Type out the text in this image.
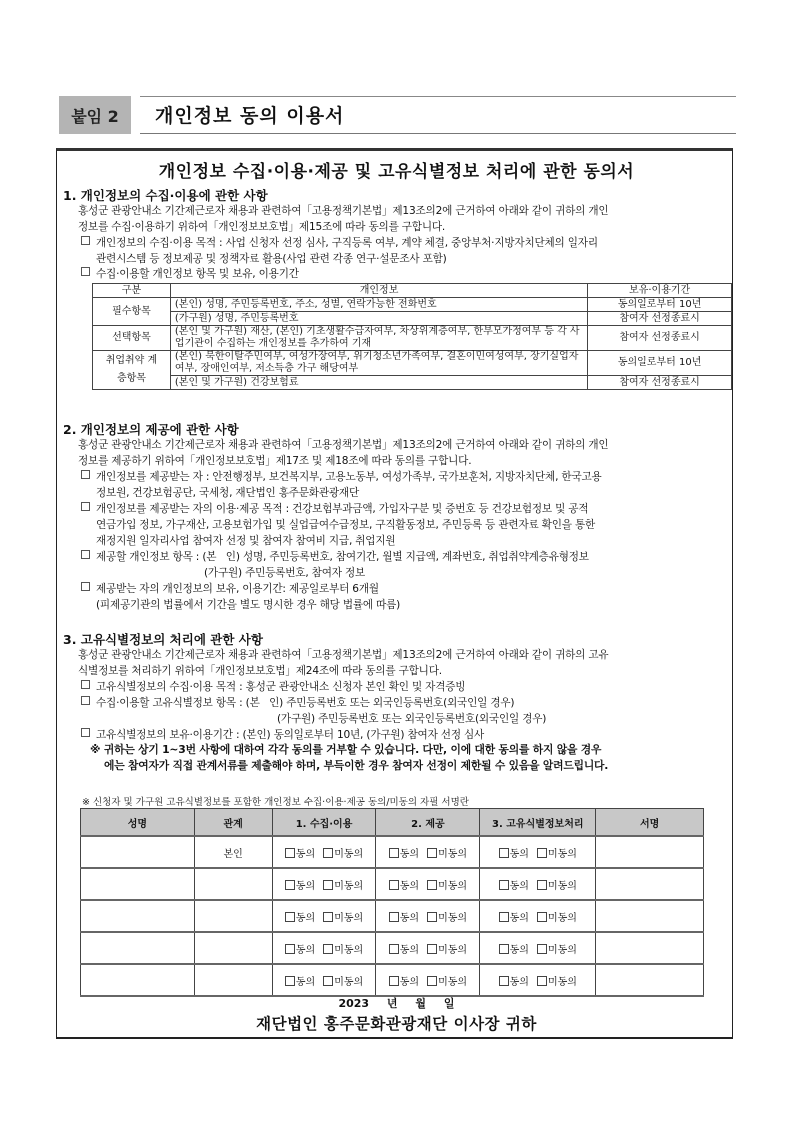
붙임 2	개인정보 동의 이용서
개인정보 수집·이용·제공 및 고유식별정보 처리에 관한 동의서
1. 개인정보의 수집·이용에 관한 사항
홍성군 관광안내소 기간제근로자 채용과 관련하여「고용정책기본법」제13조의2에 근거하여 아래와 같이 귀하의 개인
정보를 수집·이용하기 위하여「개인정보보호법」제15조에 따라 동의를 구합니다.
개인정보의 수집·이용 목적 : 사업 신청자 선정 심사, 구직등록 여부, 계약 체결, 중앙부처·지방자치단체의 일자리
관련시스템 등 정보제공 및 정책자료 활용(사업 관련 각종 연구·설문조사 포함)
수집·이용할 개인정보 항목 및 보유, 이용기간
구분	개인정보	보유·이용기간
필수항목	(본인) 성명, 주민등록번호, 주소, 성별, 연락가능한 전화번호	동의일로부터 10년
	(가구원) 성명, 주민등록번호	참여자 선정종료시
선택항목	(본인 및 가구원) 재산, (본인) 기초생활수급자여부, 차상위계층여부, 한부모가정여부 등 각 사업기관이 수집하는 개인정보를 추가하여 기재	참여자 선정종료시
취업취약 계층항목	(본인) 북한이탈주민여부, 여성가장여부, 위기청소년가족여부, 결혼이민여성여부, 장기실업자여부, 장애인여부, 저소득층 가구 해당여부	동의일로부터 10년
	(본인 및 가구원) 건강보험료	참여자 선정종료시
2. 개인정보의 제공에 관한 사항
홍성군 관광안내소 기간제근로자 채용과 관련하여「고용정책기본법」제13조의2에 근거하여 아래와 같이 귀하의 개인
정보를 제공하기 위하여「개인정보보호법」제17조 및 제18조에 따라 동의를 구합니다.
개인정보를 제공받는 자 : 안전행정부, 보건복지부, 고용노동부, 여성가족부, 국가보훈처, 지방자치단체, 한국고용
정보원, 건강보험공단, 국세청, 재단법인 홍주문화관광재단
개인정보를 제공받는 자의 이용·제공 목적 : 건강보험부과금액, 가입자구분 및 증번호 등 건강보험정보 및 공적
연금가입 정보, 가구재산, 고용보험가입 및 실업급여수급정보, 구직활동정보, 주민등록 등 관련자료 확인을 통한
재정지원 일자리사업 참여자 선정 및 참여자 참여비 지급, 취업지원
제공할 개인정보 항목 : (본   인) 성명, 주민등록번호, 참여기간, 월별 지급액, 계좌번호, 취업취약계층유형정보
(가구원) 주민등록번호, 참여자 정보
제공받는 자의 개인정보의 보유, 이용기간: 제공일로부터 6개월
(피제공기관의 법률에서 기간을 별도 명시한 경우 해당 법률에 따름)
3. 고유식별정보의 처리에 관한 사항
홍성군 관광안내소 기간제근로자 채용과 관련하여「고용정책기본법」제13조의2에 근거하여 아래와 같이 귀하의 고유
식별정보를 처리하기 위하여「개인정보보호법」제24조에 따라 동의를 구합니다.
고유식별정보의 수집·이용 목적 : 홍성군 관광안내소 신청자 본인 확인 및 자격증빙
수집·이용할 고유식별정보 항목 : (본   인) 주민등록번호 또는 외국인등록번호(외국인일 경우)
(가구원) 주민등록번호 또는 외국인등록번호(외국인일 경우)
고유식별정보의 보유·이용기간 : (본인) 동의일로부터 10년, (가구원) 참여자 선정 심사
※ 귀하는 상기 1~3번 사항에 대하여 각각 동의를 거부할 수 있습니다. 다만, 이에 대한 동의를 하지 않을 경우
에는 참여자가 직접 관계서류를 제출해야 하며, 부득이한 경우 참여자 선정이 제한될 수 있음을 알려드립니다.
※ 신청자 및 가구원 고유식별정보를 포함한 개인정보 수집·이용·제공 동의/미동의 자필 서명란
성명	관계	1. 수집·이용	2. 제공	3. 고유식별정보처리	서명
	본인	동의 미동의	동의 미동의	동의 미동의	
		동의 미동의	동의 미동의	동의 미동의	
		동의 미동의	동의 미동의	동의 미동의	
		동의 미동의	동의 미동의	동의 미동의	
		동의 미동의	동의 미동의	동의 미동의	
2023 년 월 일
재단법인 홍주문화관광재단 이사장 귀하
